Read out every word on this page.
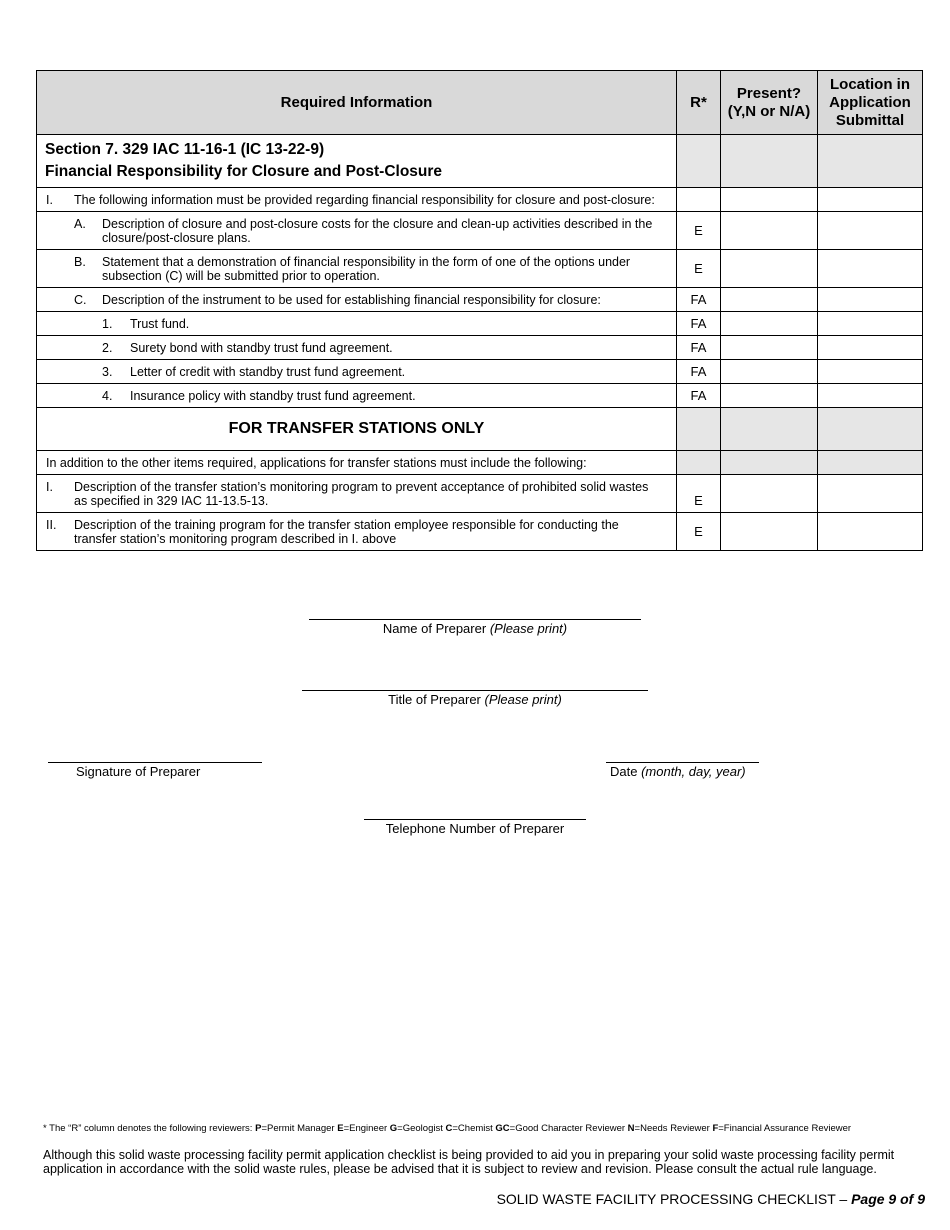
Required Information	R*	Present? (Y,N or N/A)	Location in Application Submittal

Section 7. 329 IAC 11-16-1 (IC 13-22-9)
Financial Responsibility for Closure and Post-Closure			

I. The following information must be provided regarding financial responsibility for closure and post-closure:			

A. Description of closure and post-closure costs for the closure and clean-up activities described in the closure/post-closure plans.	E		

B. Statement that a demonstration of financial responsibility in the form of one of the options under subsection (C) will be submitted prior to operation.	E		

C. Description of the instrument to be used for establishing financial responsibility for closure:	FA		

1. Trust fund.	FA		

2. Surety bond with standby trust fund agreement.	FA		

3. Letter of credit with standby trust fund agreement.	FA		

4. Insurance policy with standby trust fund agreement.	FA		
FOR TRANSFER STATIONS ONLY			
In addition to the other items required, applications for transfer stations must include the following:			

I. Description of the transfer station’s monitoring program to prevent acceptance of prohibited solid wastes as specified in 329 IAC 11-13.5-13.	E		

II. Description of the training program for the transfer station employee responsible for conducting the transfer station’s monitoring program described in I. above	E		
Name of Preparer (Please print)
Title of Preparer (Please print)
Signature of Preparer	Date (month, day, year)
Telephone Number of Preparer
* The “R” column denotes the following reviewers: P=Permit Manager E=Engineer G=Geologist C=Chemist GC=Good Character Reviewer N=Needs Reviewer F=Financial Assurance Reviewer
Although this solid waste processing facility permit application checklist is being provided to aid you in preparing your solid waste processing facility permit application in accordance with the solid waste rules, please be advised that it is subject to review and revision. Please consult the actual rule language.
SOLID WASTE FACILITY PROCESSING CHECKLIST – Page 9 of 9
